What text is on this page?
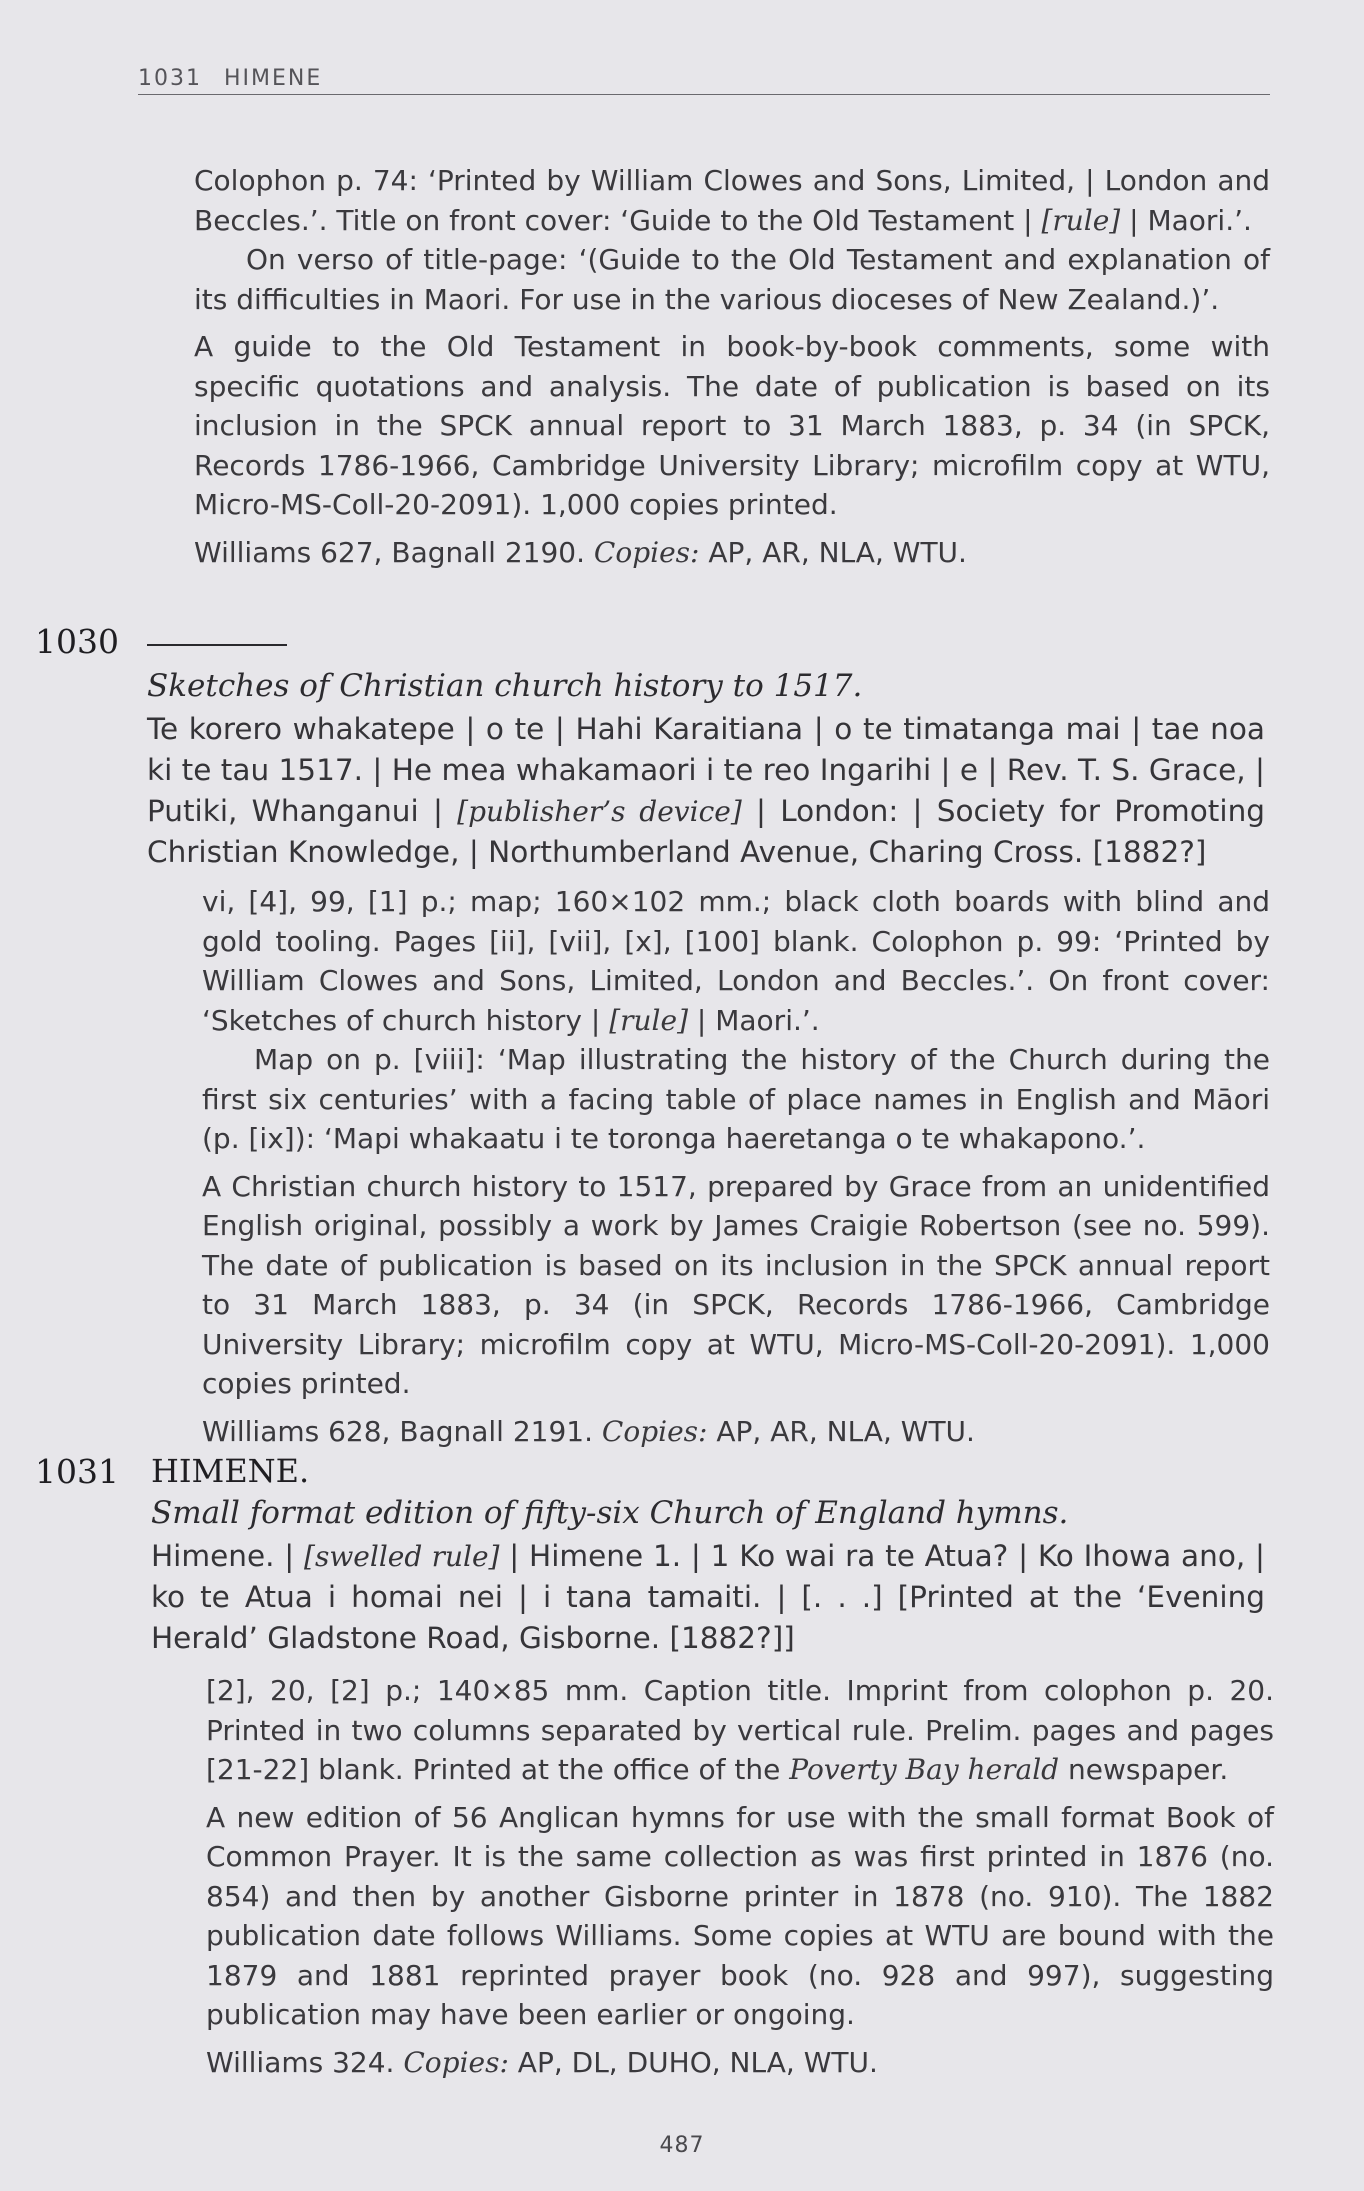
1031 HIMENE

Colophon p. 74: ‘Printed by William Clowes and Sons, Limited, | London and Beccles.’. Title on front cover: ‘Guide to the Old Testament | [rule] | Maori.’.

On verso of title-page: ‘(Guide to the Old Testament and explanation of its difficulties in Maori. For use in the various dioceses of New Zealand.)’.

A guide to the Old Testament in book-by-book comments, some with specific quotations and analysis. The date of publication is based on its inclusion in the SPCK annual report to 31 March 1883, p. 34 (in SPCK, Records 1786-1966, Cambridge University Library; microfilm copy at WTU, Micro-MS-Coll-20-2091). 1,000 copies printed.

Williams 627, Bagnall 2190. Copies: AP, AR, NLA, WTU.

1030
Sketches of Christian church history to 1517.
Te korero whakatepe | o te | Hahi Karaitiana | o te timatanga mai | tae noa ki te tau 1517. | He mea whakamaori i te reo Ingarihi | e | Rev. T. S. Grace, | Putiki, Whanganui | [publisher’s device] | London: | Society for Promoting Christian Knowledge, | Northumberland Avenue, Charing Cross. [1882?]

vi, [4], 99, [1] p.; map; 160×102 mm.; black cloth boards with blind and gold tooling. Pages [ii], [vii], [x], [100] blank. Colophon p. 99: ‘Printed by William Clowes and Sons, Limited, London and Beccles.’. On front cover: ‘Sketches of church history | [rule] | Maori.’.

Map on p. [viii]: ‘Map illustrating the history of the Church during the first six centuries’ with a facing table of place names in English and Māori (p. [ix]): ‘Mapi whakaatu i te toronga haeretanga o te whakapono.’.

A Christian church history to 1517, prepared by Grace from an unidentified English original, possibly a work by James Craigie Robertson (see no. 599). The date of publication is based on its inclusion in the SPCK annual report to 31 March 1883, p. 34 (in SPCK, Records 1786-1966, Cambridge University Library; microfilm copy at WTU, Micro-MS-Coll-20-2091). 1,000 copies printed.

Williams 628, Bagnall 2191. Copies: AP, AR, NLA, WTU.

1031 HIMENE.
Small format edition of fifty-six Church of England hymns.
Himene. | [swelled rule] | Himene 1. | 1 Ko wai ra te Atua? | Ko Ihowa ano, | ko te Atua i homai nei | i tana tamaiti. | [. . .] [Printed at the ‘Evening Herald’ Gladstone Road, Gisborne. [1882?]]

[2], 20, [2] p.; 140×85 mm. Caption title. Imprint from colophon p. 20. Printed in two columns separated by vertical rule. Prelim. pages and pages [21-22] blank. Printed at the office of the Poverty Bay herald newspaper.

A new edition of 56 Anglican hymns for use with the small format Book of Common Prayer. It is the same collection as was first printed in 1876 (no. 854) and then by another Gisborne printer in 1878 (no. 910). The 1882 publication date follows Williams. Some copies at WTU are bound with the 1879 and 1881 reprinted prayer book (no. 928 and 997), suggesting publication may have been earlier or ongoing.

Williams 324. Copies: AP, DL, DUHO, NLA, WTU.

487
